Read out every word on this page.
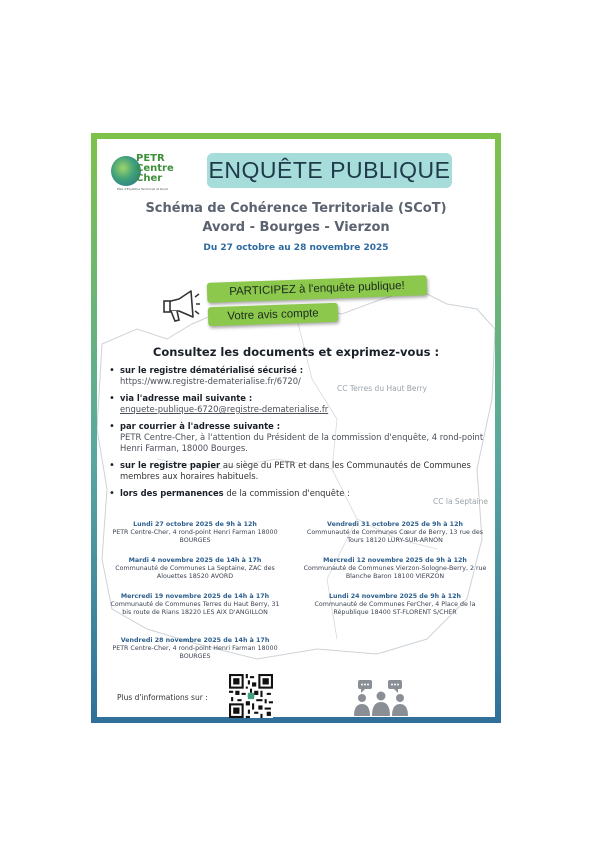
CC Terres du Haut Berry
CC la Septaine
PETR
Centre
Cher
Pôle d'Équilibre Territorial et Rural
ENQUÊTE PUBLIQUE
Schéma de Cohérence Territoriale (SCoT)
Avord - Bourges - Vierzon
Du 27 octobre au 28 novembre 2025
PARTICIPEZ à l'enquête publique!
Votre avis compte
Consultez les documents et exprimez-vous :
• sur le registre dématérialisé sécurisé :
https://www.registre-dematerialise.fr/6720/
• via l'adresse mail suivante :
enquete-publique-6720@registre-dematerialise.fr
• par courrier à l'adresse suivante :
PETR Centre-Cher, à l'attention du Président de la commission d'enquête, 4 rond-point Henri Farman, 18000 Bourges.
• sur le registre papier au siège du PETR et dans les Communautés de Communes membres aux horaires habituels.
• lors des permanences de la commission d'enquête :
Lundi 27 octobre 2025 de 9h à 12h
PETR Centre-Cher, 4 rond-point Henri Farman 18000 BOURGES
Vendredi 31 octobre 2025 de 9h à 12h
Communauté de Communes Cœur de Berry, 13 rue des Tours 18120 LURY-SUR-ARNON
Mardi 4 novembre 2025 de 14h à 17h
Communauté de Communes La Septaine, ZAC des Alouettes 18520 AVORD
Mercredi 12 novembre 2025 de 9h à 12h
Communauté de Communes Vierzon-Sologne-Berry, 2 rue Blanche Baron 18100 VIERZON
Mercredi 19 novembre 2025 de 14h à 17h
Communauté de Communes Terres du Haut Berry, 31 bis route de Rians 18220 LES AIX D'ANGILLON
Lundi 24 novembre 2025 de 9h à 12h
Communauté de Communes FerCher, 4 Place de la République 18400 ST-FLORENT S/CHER
Vendredi 28 novembre 2025 de 14h à 17h
PETR Centre-Cher, 4 rond-point Henri Farman 18000 BOURGES
Plus d'informations sur :
